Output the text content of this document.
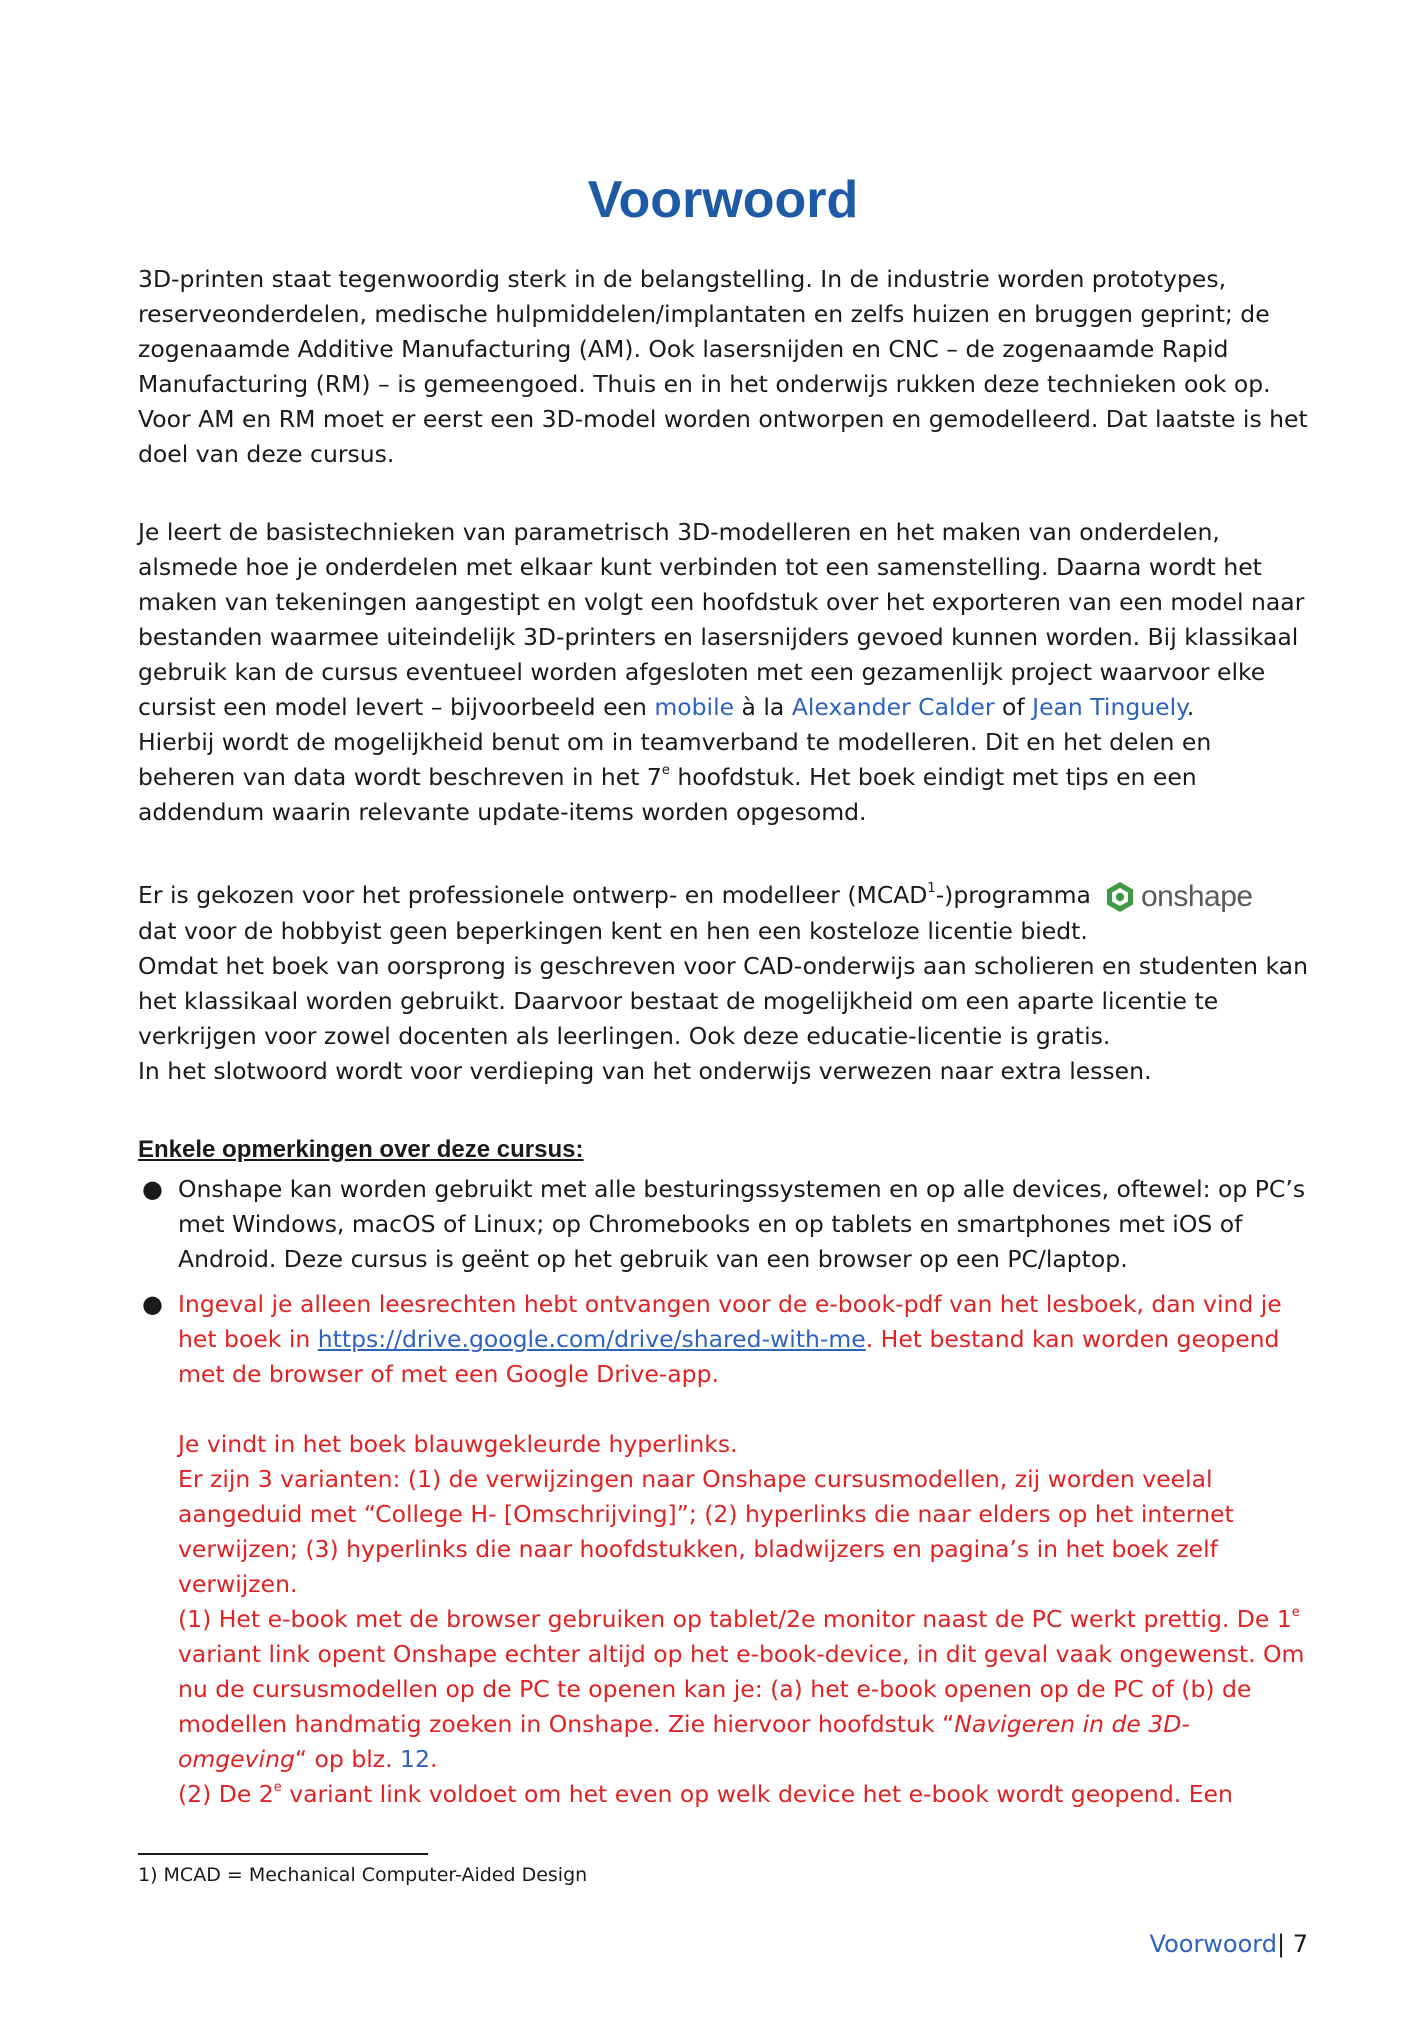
Voorwoord

3D-printen staat tegenwoordig sterk in de belangstelling. In de industrie worden prototypes, reserveonderdelen, medische hulpmiddelen/implantaten en zelfs huizen en bruggen geprint; de zogenaamde Additive Manufacturing (AM). Ook lasersnijden en CNC – de zogenaamde Rapid Manufacturing (RM) – is gemeengoed. Thuis en in het onderwijs rukken deze technieken ook op. Voor AM en RM moet er eerst een 3D-model worden ontworpen en gemodelleerd. Dat laatste is het doel van deze cursus.

Je leert de basistechnieken van parametrisch 3D-modelleren en het maken van onderdelen, alsmede hoe je onderdelen met elkaar kunt verbinden tot een samenstelling. Daarna wordt het maken van tekeningen aangestipt en volgt een hoofdstuk over het exporteren van een model naar bestanden waarmee uiteindelijk 3D-printers en lasersnijders gevoed kunnen worden. Bij klassikaal gebruik kan de cursus eventueel worden afgesloten met een gezamenlijk project waarvoor elke cursist een model levert – bijvoorbeeld een mobile à la Alexander Calder of Jean Tinguely.
Hierbij wordt de mogelijkheid benut om in teamverband te modelleren. Dit en het delen en beheren van data wordt beschreven in het 7e hoofdstuk. Het boek eindigt met tips en een addendum waarin relevante update-items worden opgesomd.

Er is gekozen voor het professionele ontwerp- en modelleer (MCAD$^1$-)programma onshape

dat voor de hobbyist geen beperkingen kent en hen een kosteloze licentie biedt.
Omdat het boek van oorsprong is geschreven voor CAD-onderwijs aan scholieren en studenten kan het klassikaal worden gebruikt. Daarvoor bestaat de mogelijkheid om een aparte licentie te verkrijgen voor zowel docenten als leerlingen. Ook deze educatie-licentie is gratis.
In het slotwoord wordt voor verdieping van het onderwijs verwezen naar extra lessen.

Enkele opmerkingen over deze cursus:

● Onshape kan worden gebruikt met alle besturingssystemen en op alle devices, oftewel: op PC’s met Windows, macOS of Linux; op Chromebooks en op tablets en smartphones met iOS of Android. Deze cursus is geënt op het gebruik van een browser op een PC/laptop.
● Ingeval je alleen leesrechten hebt ontvangen voor de e-book-pdf van het lesboek, dan vind je het boek in https://drive.google.com/drive/shared-with-me. Het bestand kan worden geopend met de browser of met een Google Drive-app.

Je vindt in het boek blauwgekleurde hyperlinks.
Er zijn 3 varianten: (1) de verwijzingen naar Onshape cursusmodellen, zij worden veelal aangeduid met “College H- [Omschrijving]”; (2) hyperlinks die naar elders op het internet verwijzen; (3) hyperlinks die naar hoofdstukken, bladwijzers en pagina’s in het boek zelf verwijzen.
(1) Het e-book met de browser gebruiken op tablet/2e monitor naast de PC werkt prettig. De 1e variant link opent Onshape echter altijd op het e-book-device, in dit geval vaak ongewenst. Om nu de cursusmodellen op de PC te openen kan je: (a) het e-book openen op de PC of (b) de modellen handmatig zoeken in Onshape. Zie hiervoor hoofdstuk “Navigeren in de 3D-omgeving“ op blz. 12.
(2) De 2e variant link voldoet om het even op welk device het e-book wordt geopend. Een
1) MCAD = Mechanical Computer-Aided Design
Voorwoord| 7
